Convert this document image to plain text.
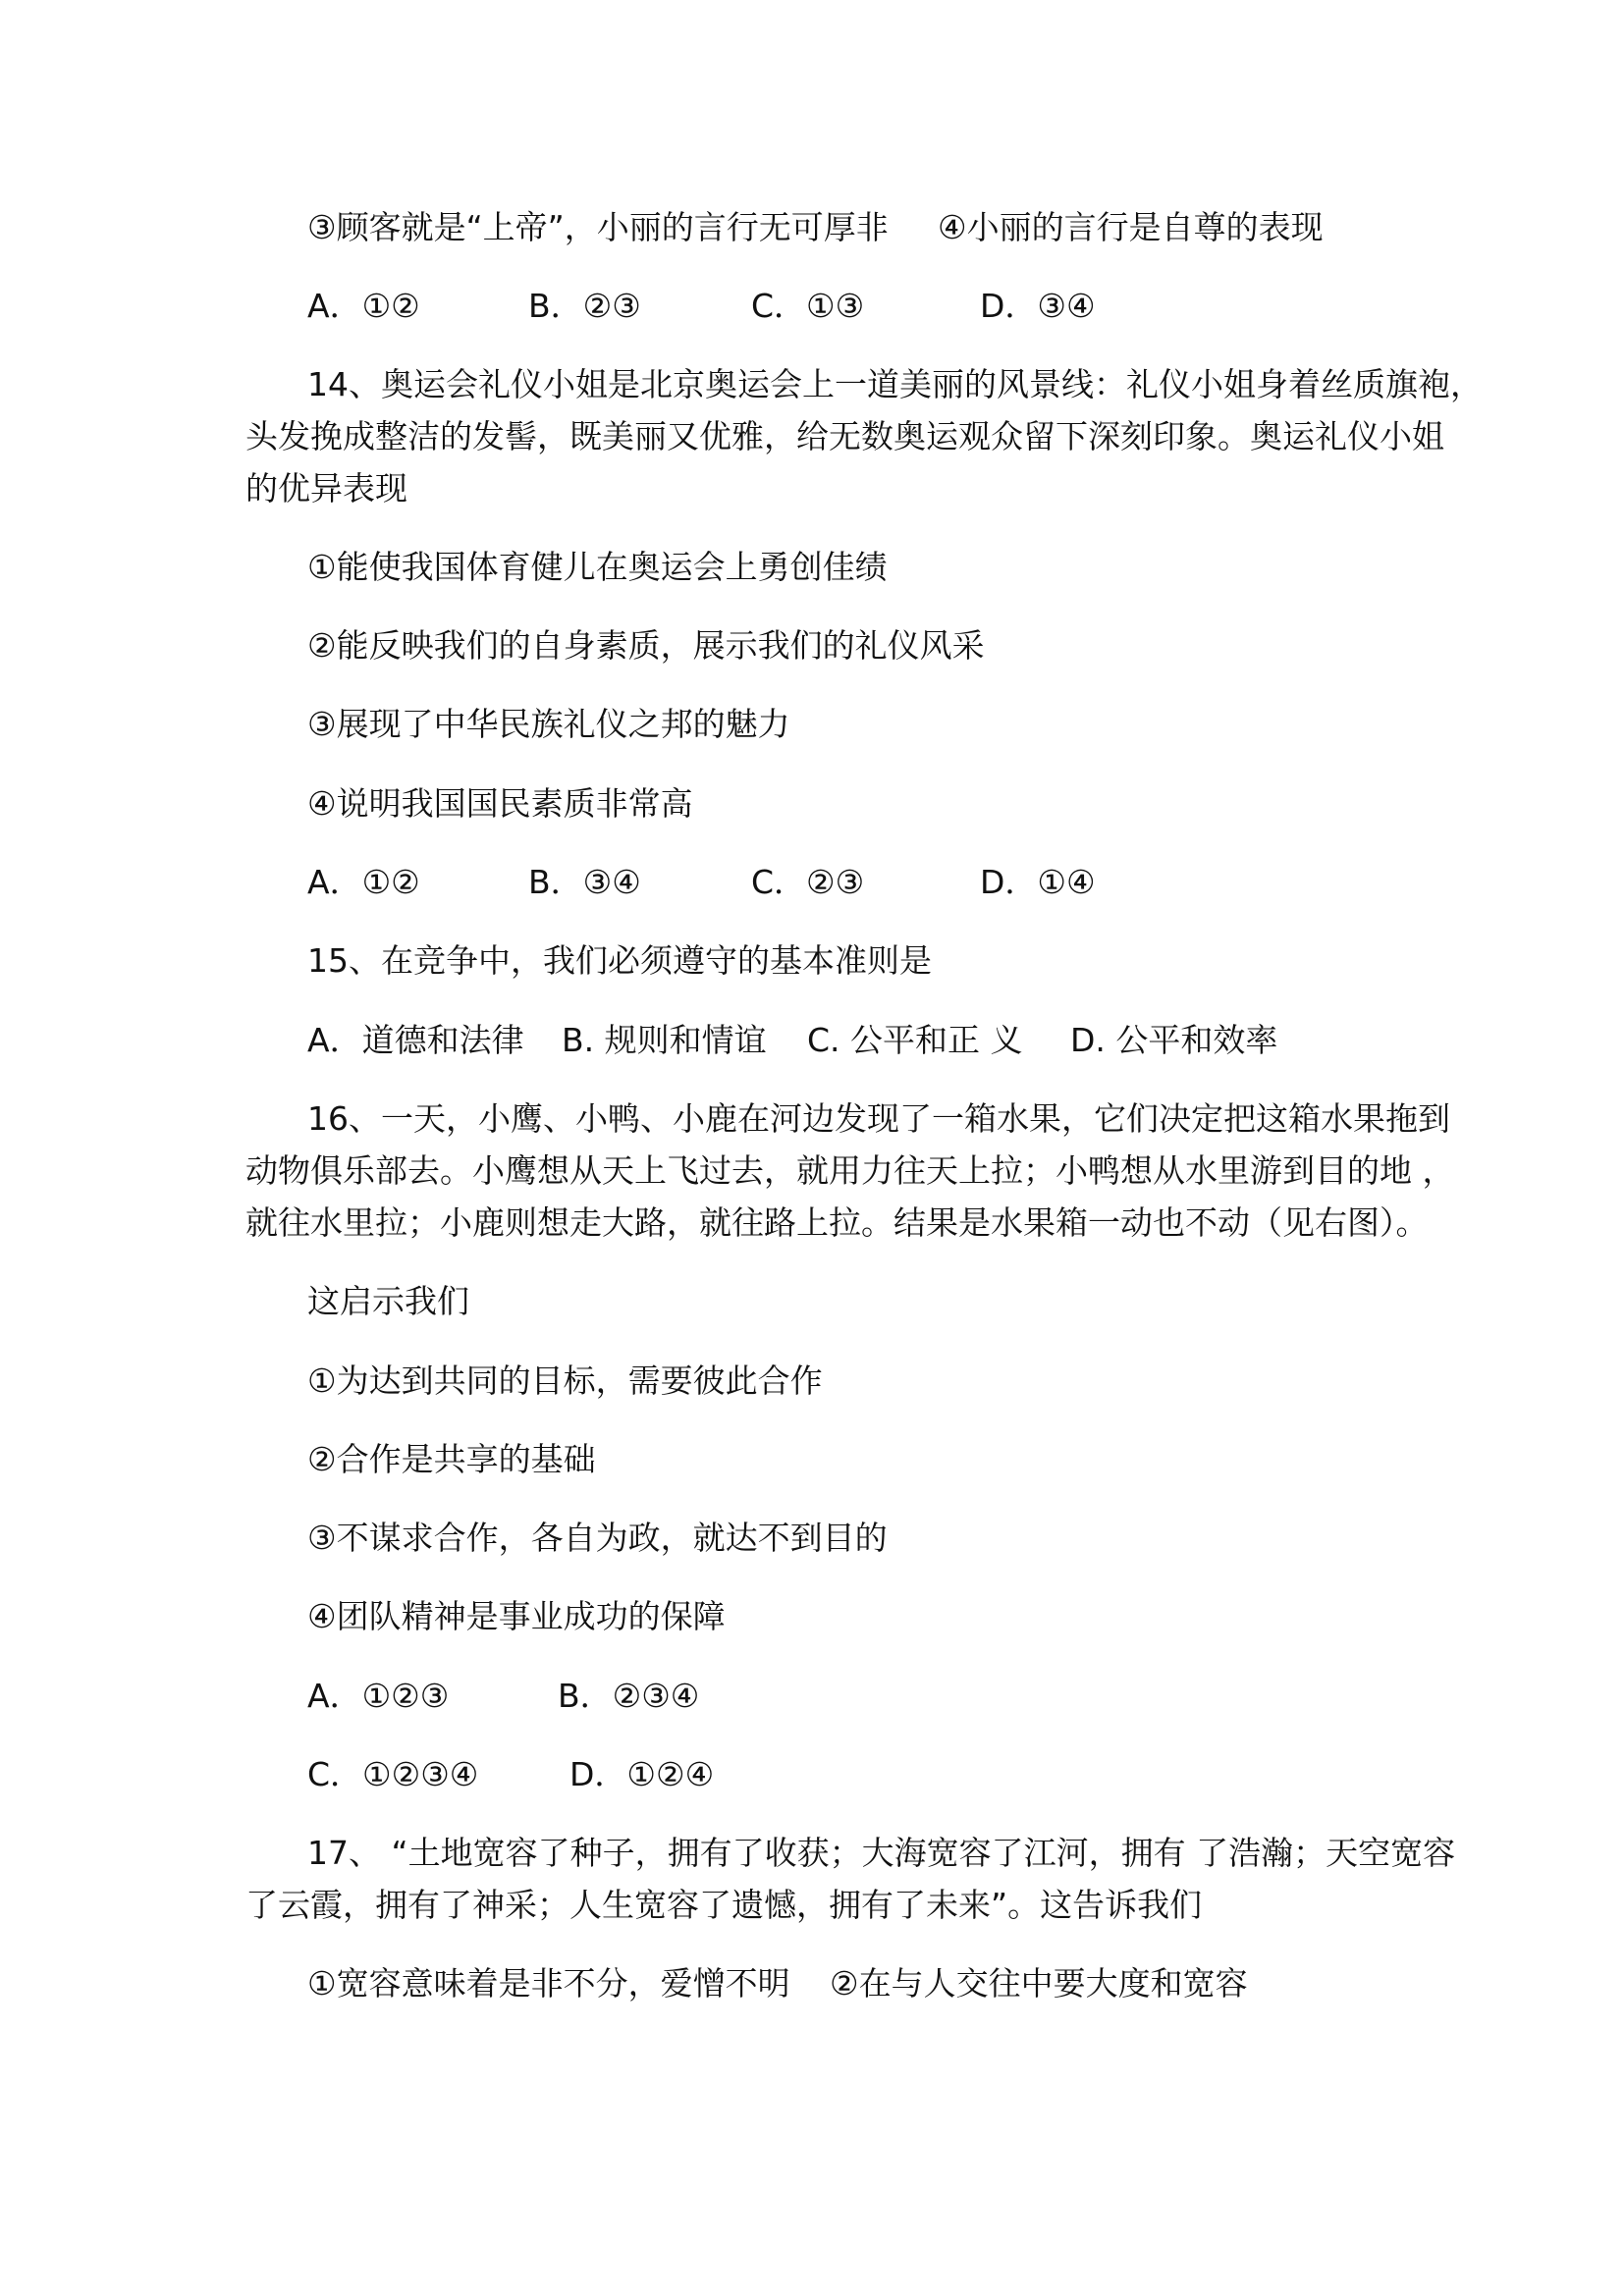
③顾客就是“上帝”，小丽的言行无可厚非 ④小丽的言行是自尊的表现
A．①②	B．②③	C．①③	D．③④
14、奥运会礼仪小姐是北京奥运会上一道美丽的风景线：礼仪小姐身着丝质旗袍，
头发挽成整洁的发髻，既美丽又优雅，给无数奥运观众留下深刻印象。奥运礼仪小姐
的优异表现
①能使我国体育健儿在奥运会上勇创佳绩
②能反映我们的自身素质，展示我们的礼仪风采
③展现了中华民族礼仪之邦的魅力
④说明我国国民素质非常高
A．①②	B．③④	C．②③	D．①④
15、在竞争中，我们必须遵守的基本准则是
A．道德和法律 B. 规则和情谊 C. 公平和正 义 D. 公平和效率
16、一天，小鹰、小鸭、小鹿在河边发现了一箱水果，它们决定把这箱水果拖到
动物俱乐部去。小鹰想从天上飞过去，就用力往天上拉；小鸭想从水里游到目的地 ，
就往水里拉；小鹿则想走大路，就往路上拉。结果是水果箱一动也不动（见右图）。
这启示我们
①为达到共同的目标，需要彼此合作
②合作是共享的基础
③不谋求合作，各自为政，就达不到目的
④团队精神是事业成功的保障
A．①②③	B．②③④
C．①②③④	D．①②④
17、 “土地宽容了种子，拥有了收获；大海宽容了江河，拥有 了浩瀚；天空宽容
了云霞，拥有了神采；人生宽容了遗憾，拥有了未来”。这告诉我们
①宽容意味着是非不分，爱憎不明 ②在与人交往中要大度和宽容
